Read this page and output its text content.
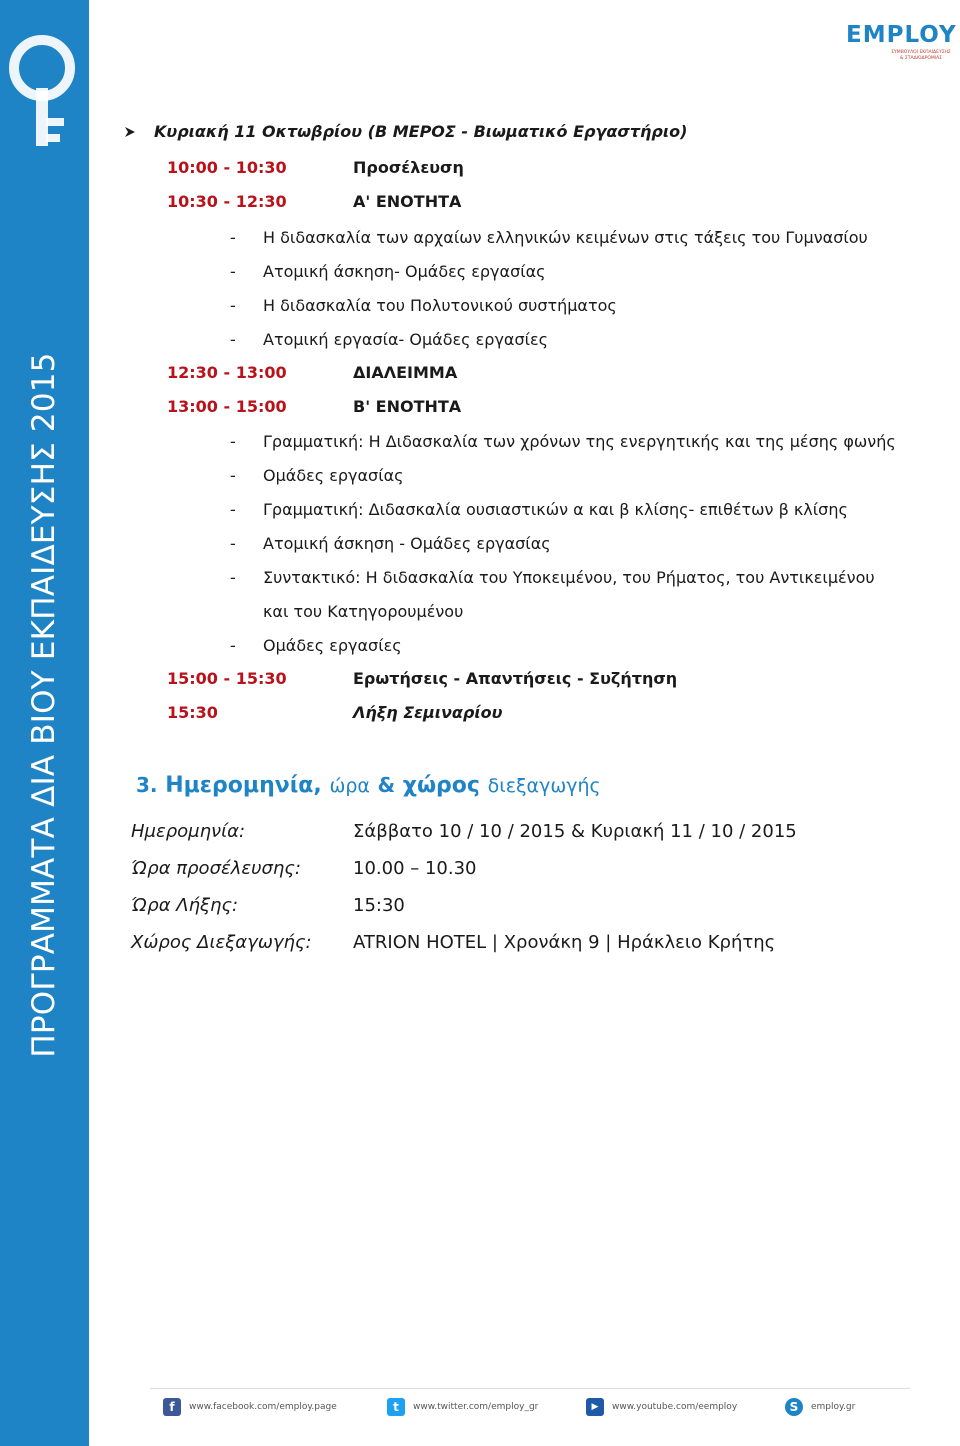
ΠΡΟΓΡΑΜΜΑΤΑ ΔΙΑ ΒΙΟΥ ΕΚΠΑΙΔΕΥΣΗΣ 2015
EMPLOY
ΣΥΜΒΟΥΛΟΙ ΕΚΠΑΙΔΕΥΣΗΣ
& ΣΤΑΔΙΟΔΡΟΜΙΑΣ
Κυριακή 11 Οκτωβρίου (Β ΜΕΡΟΣ - Βιωματικό Εργαστήριο)
10:00 - 10:30	Προσέλευση
10:30 - 12:30	Α' ΕΝΟΤΗΤΑ
- Η διδασκαλία των αρχαίων ελληνικών κειμένων στις τάξεις του Γυμνασίου
- Ατομική άσκηση- Ομάδες εργασίας
- Η διδασκαλία του Πολυτονικού συστήματος
- Ατομική εργασία- Ομάδες εργασίες
12:30 - 13:00	ΔΙΑΛΕΙΜΜΑ
13:00 - 15:00	Β' ΕΝΟΤΗΤΑ
- Γραμματική: Η Διδασκαλία των χρόνων της ενεργητικής και της μέσης φωνής
- Ομάδες εργασίας
- Γραμματική: Διδασκαλία ουσιαστικών α και β κλίσης- επιθέτων β κλίσης
- Ατομική άσκηση - Ομάδες εργασίας
- Συντακτικό: Η διδασκαλία του Υποκειμένου, του Ρήματος, του Αντικειμένου
και του Κατηγορουμένου
- Ομάδες εργασίες
15:00 - 15:30	Ερωτήσεις - Απαντήσεις - Συζήτηση
15:30	Λήξη Σεμιναρίου
3. Ημερομηνία, ώρα & χώρος διεξαγωγής
Ημερομηνία:	Σάββατο 10 / 10 / 2015 & Κυριακή 11 / 10 / 2015
Ώρα προσέλευσης:	10.00 – 10.30
Ώρα Λήξης:	15:30
Χώρος Διεξαγωγής: ATRION HOTEL | Χρονάκη 9 | Ηράκλειο Κρήτης
f	www.facebook.com/employ.page	t	www.twitter.com/employ_gr	▶	www.youtube.com/eemploy	S	employ.gr
